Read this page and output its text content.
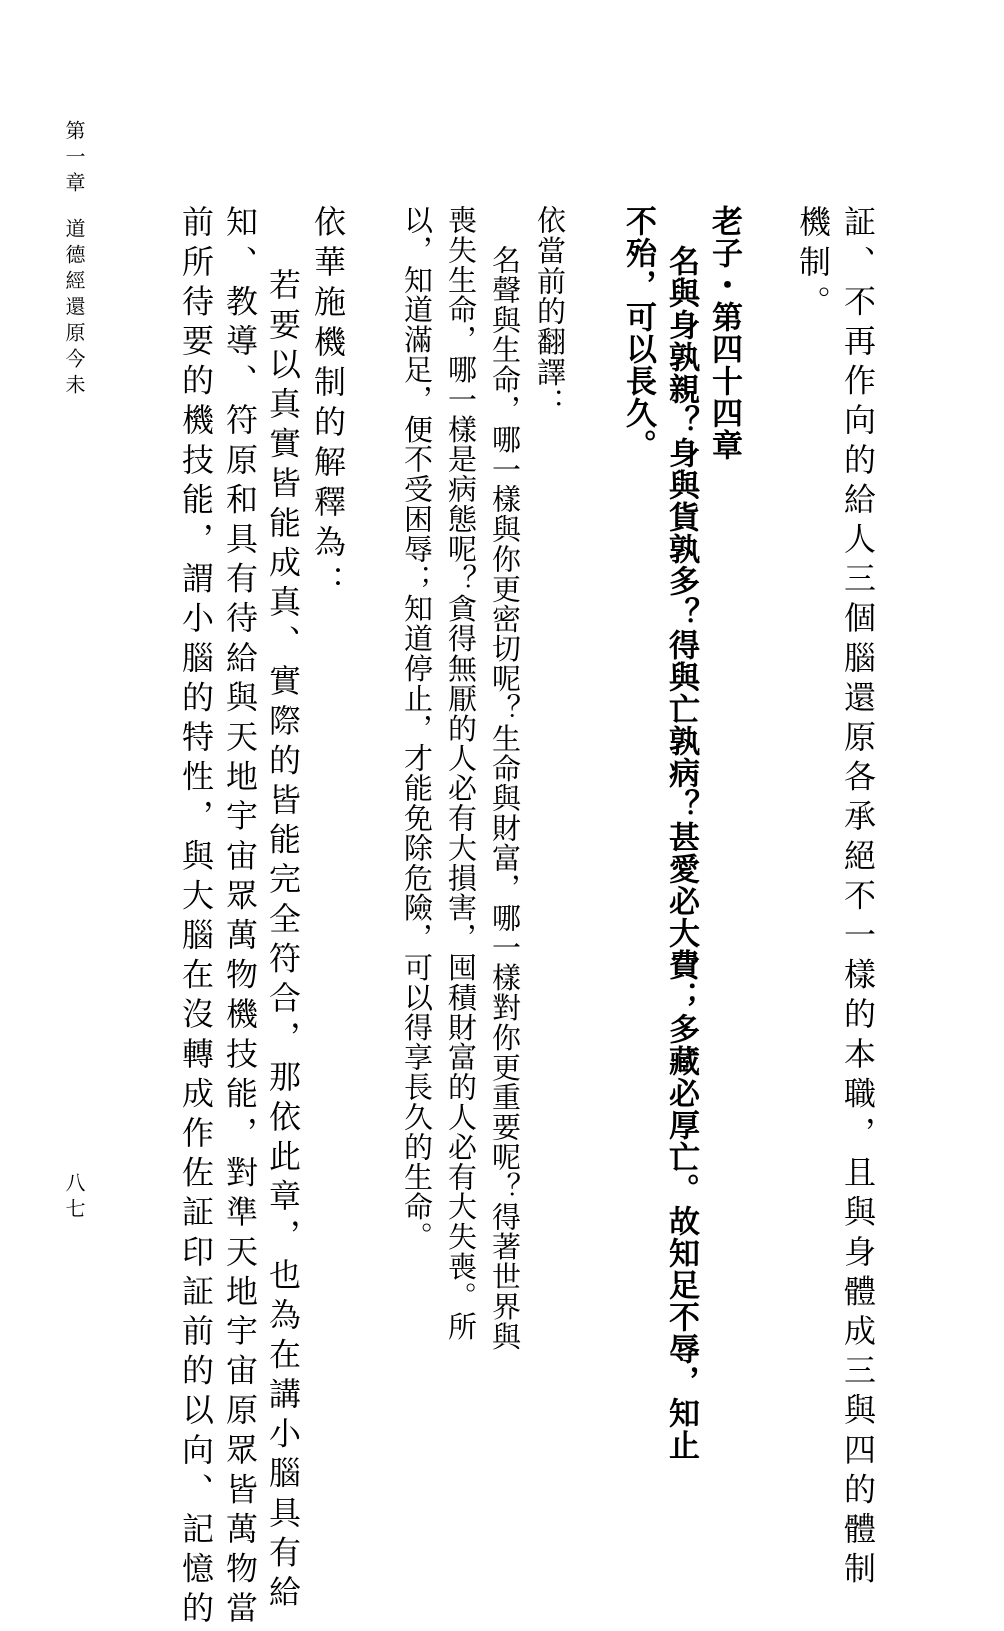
第一章
道德經還原今未
八七	証、不再作向的給人三個腦還原各承絕不一樣的本職，且與身體成三與四的體制
機制。
老子・第四十四章
名與身孰親？身與貨孰多？得與亡孰病？甚愛必大費；多藏必厚亡。故知足不辱，知止
不殆，可以長久。
依當前的翻譯：
名聲與生命，哪一樣與你更密切呢？生命與財富，哪一樣對你更重要呢？得著世界與
喪失生命，哪一樣是病態呢？貪得無厭的人必有大損害，囤積財富的人必有大失喪。所
以，知道滿足，便不受困辱；知道停止，才能免除危險，可以得享長久的生命。
依華施機制的解釋為：
若要以真實皆能成真、實際的皆能完全符合，那依此章，也為在講小腦具有給
知、教導、符原和具有待給與天地宇宙眾萬物機技能，對準天地宇宙原眾皆萬物當
前所待要的機技能，謂小腦的特性，與大腦在沒轉成作佐証印証前的以向、記憶的
